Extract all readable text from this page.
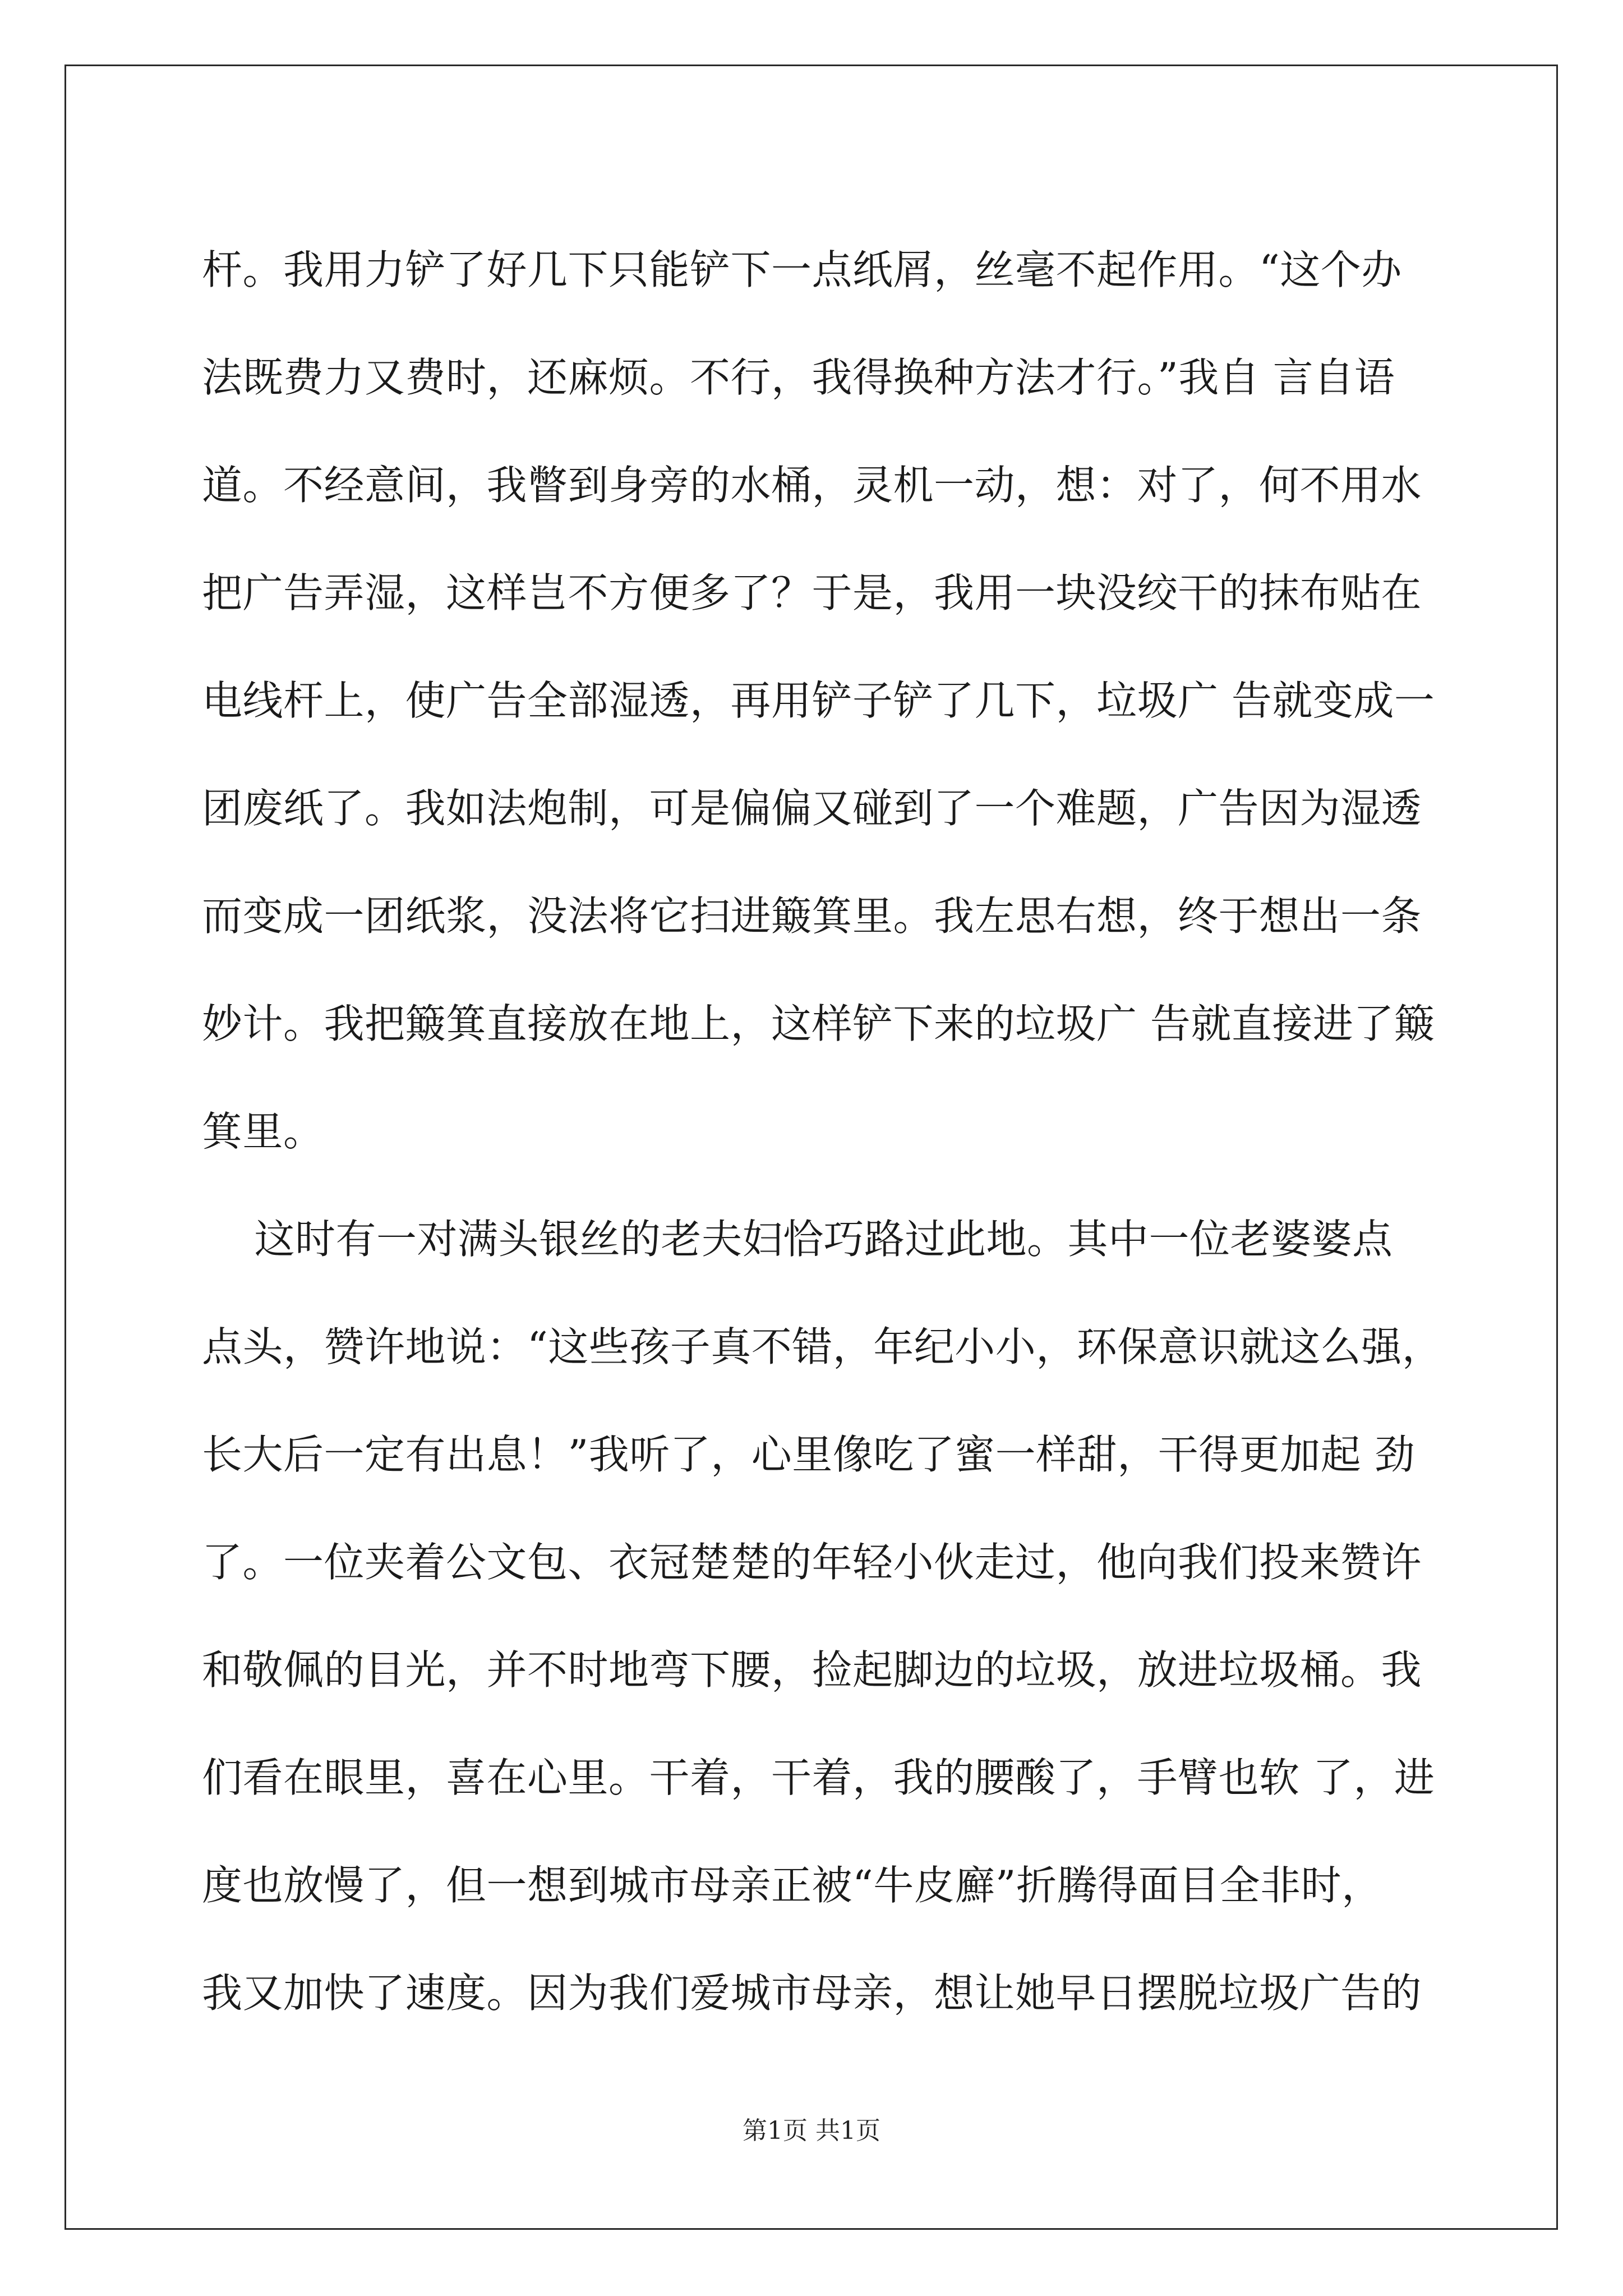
杆。我用力铲了好几下只能铲下一点纸屑，丝毫不起作用。“这个办
法既费力又费时，还麻烦。不行，我得换种方法才行。”我自 言自语
道。不经意间，我瞥到身旁的水桶，灵机一动，想：对了，何不用水
把广告弄湿，这样岂不方便多了？于是，我用一块没绞干的抹布贴在
电线杆上，使广告全部湿透，再用铲子铲了几下，垃圾广 告就变成一
团废纸了。我如法炮制，可是偏偏又碰到了一个难题，广告因为湿透
而变成一团纸浆，没法将它扫进簸箕里。我左思右想，终于想出一条
妙计。我把簸箕直接放在地上，这样铲下来的垃圾广 告就直接进了簸
箕里。
这时有一对满头银丝的老夫妇恰巧路过此地。其中一位老婆婆点
点头，赞许地说：“这些孩子真不错，年纪小小，环保意识就这么强，
长大后一定有出息！”我听了，心里像吃了蜜一样甜，干得更加起 劲
了。一位夹着公文包、衣冠楚楚的年轻小伙走过，他向我们投来赞许
和敬佩的目光，并不时地弯下腰，捡起脚边的垃圾，放进垃圾桶。我
们看在眼里，喜在心里。干着，干着，我的腰酸了，手臂也软 了，进
度也放慢了，但一想到城市母亲正被“牛皮廯”折腾得面目全非时，
我又加快了速度。因为我们爱城市母亲，想让她早日摆脱垃圾广告的
第1页 共1页
